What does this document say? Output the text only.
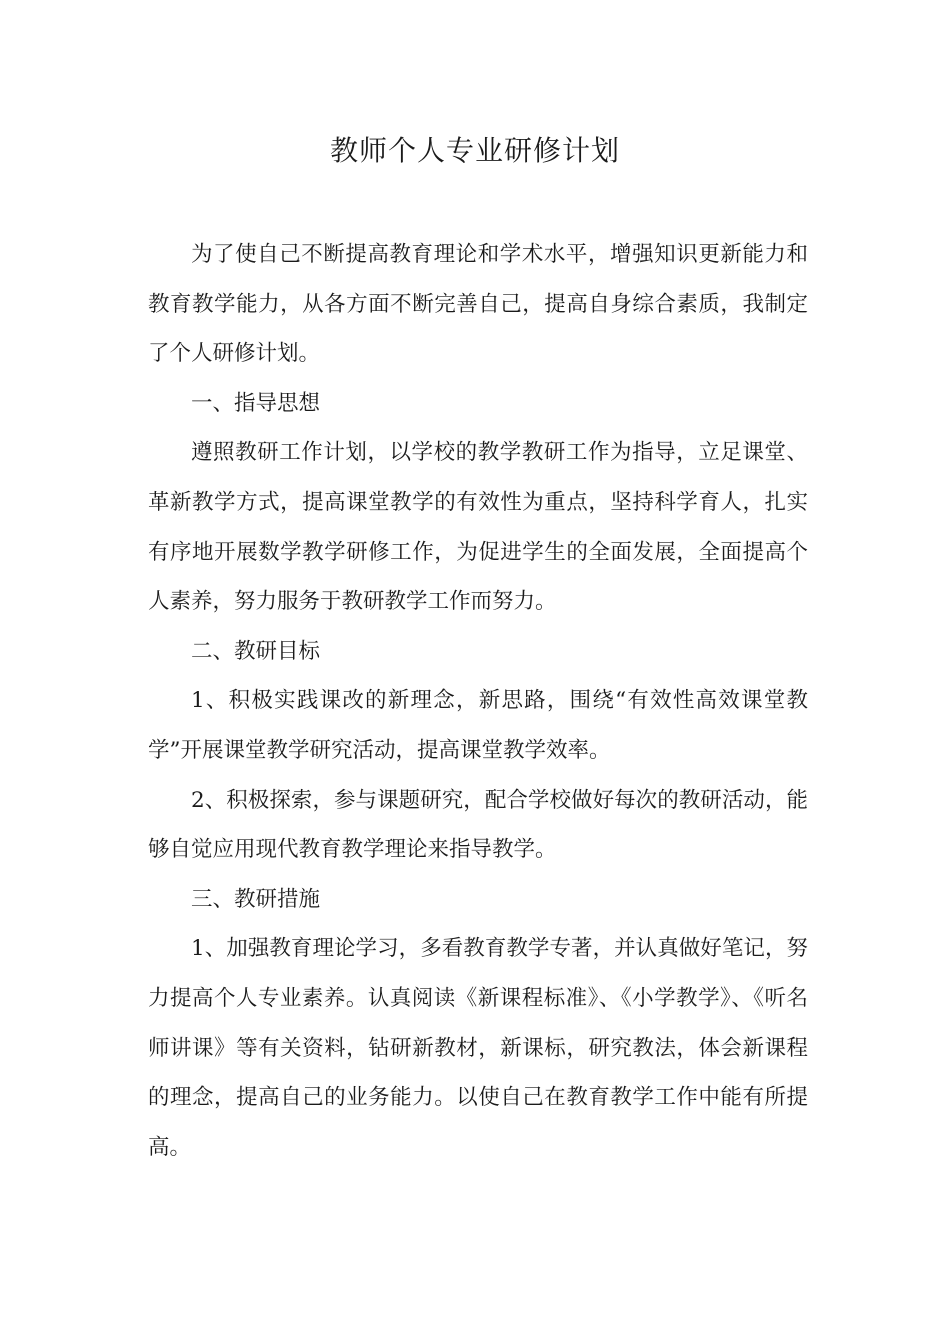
教师个人专业研修计划

为了使自己不断提高教育理论和学术水平，增强知识更新能力和教育教学能力，从各方面不断完善自己，提高自身综合素质，我制定了个人研修计划。

一、指导思想

遵照教研工作计划，以学校的教学教研工作为指导，立足课堂、革新教学方式，提高课堂教学的有效性为重点，坚持科学育人，扎实有序地开展数学教学研修工作，为促进学生的全面发展，全面提高个人素养，努力服务于教研教学工作而努力。

二、教研目标

1、积极实践课改的新理念，新思路，围绕“有效性高效课堂教学”开展课堂教学研究活动，提高课堂教学效率。

2、积极探索，参与课题研究，配合学校做好每次的教研活动，能够自觉应用现代教育教学理论来指导教学。

三、教研措施

1、加强教育理论学习，多看教育教学专著，并认真做好笔记，努力提高个人专业素养。认真阅读《新课程标准》、《小学教学》、《听名师讲课》等有关资料，钻研新教材，新课标，研究教法，体会新课程的理念，提高自己的业务能力。以使自己在教育教学工作中能有所提高。
